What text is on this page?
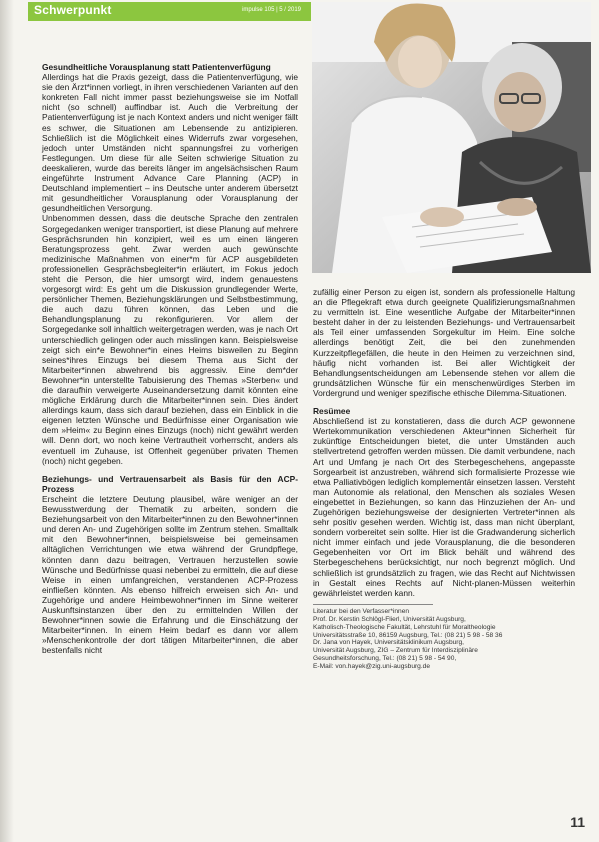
Schwerpunkt	impulse 105 | 5 / 2019
Gesundheitliche Vorausplanung statt Patientenverfügung

Allerdings hat die Praxis gezeigt, dass die Patientenverfügung, wie sie den Ärzt*innen vorliegt, in ihren verschiedenen Varianten auf den konkreten Fall nicht immer passt beziehungsweise sie im Notfall nicht (so schnell) auffindbar ist. Auch die Verbreitung der Patientenverfügung ist je nach Kontext anders und nicht weniger fällt es schwer, die Situationen am Lebensende zu antizipieren. Schließlich ist die Möglichkeit eines Widerrufs zwar vorgesehen, jedoch unter Umständen nicht spannungsfrei zu vorherigen Festlegungen. Um diese für alle Seiten schwierige Situation zu deeskalieren, wurde das bereits länger im angelsächsischen Raum eingeführte Instrument Advance Care Planning (ACP) in Deutschland implementiert – ins Deutsche unter anderem übersetzt mit gesundheitlicher Vorausplanung oder Vorausplanung der gesundheitlichen Versorgung.

Unbenommen dessen, dass die deutsche Sprache den zentralen Sorgegedanken weniger transportiert, ist diese Planung auf mehrere Gesprächsrunden hin konzipiert, weil es um einen längeren Beratungsprozess geht. Zwar werden auch gewünschte medizinische Maßnahmen von einer*m für ACP ausgebildeten professionellen Gesprächsbegleiter*in erläutert, im Fokus jedoch steht die Person, die hier umsorgt wird, indem genauestens vorgesorgt wird: Es geht um die Diskussion grundlegender Werte, persönlicher Themen, Beziehungsklärungen und Selbstbestimmung, die auch dazu führen können, das Leben und die Behandlungsplanung zu rekonfigurieren. Vor allem der Sorgegedanke soll inhaltlich weitergetragen werden, was je nach Ort unterschiedlich gelingen oder auch misslingen kann. Beispielsweise zeigt sich ein*e Bewohner*in eines Heims bisweilen zu Beginn seines*ihres Einzugs bei diesem Thema aus Sicht der Mitarbeiter*innen abwehrend bis aggressiv. Eine dem*der Bewohner*in unterstellte Tabuisierung des Themas »Sterben« und die daraufhin verweigerte Auseinandersetzung damit könnten eine mögliche Erklärung durch die Mitarbeiter*innen sein. Dies ändert allerdings kaum, dass sich darauf beziehen, dass ein Einblick in die eigenen letzten Wünsche und Bedürfnisse einer Organisation wie dem »Heim« zu Beginn eines Einzugs (noch) nicht gewährt werden will. Denn dort, wo noch keine Vertrautheit vorherrscht, anders als eventuell im Zuhause, ist Offenheit gegenüber privaten Themen (noch) nicht gegeben.

Beziehungs- und Vertrauensarbeit als Basis für den ACP-Prozess

Erscheint die letztere Deutung plausibel, wäre weniger an der Bewusstwerdung der Thematik zu arbeiten, sondern die Beziehungsarbeit von den Mitarbeiter*innen zu den Bewohner*innen und deren An- und Zugehörigen sollte im Zentrum stehen. Smalltalk mit den Bewohner*innen, beispielsweise bei gemeinsamen alltäglichen Verrichtungen wie etwa während der Grundpflege, könnten dann dazu beitragen, Vertrauen herzustellen sowie Wünsche und Bedürfnisse quasi nebenbei zu ermitteln, die auf diese Weise in einen umfangreichen, verstandenen ACP-Prozess einfließen könnten. Als ebenso hilfreich erweisen sich An- und Zugehörige und andere Heimbewohner*innen im Sinne weiterer Auskunftsinstanzen über den zu ermittelnden Willen der Bewohner*innen sowie die Erfahrung und die Einschätzung der Mitarbeiter*innen. In einem Heim bedarf es dann vor allem »Menschenkontrolle der dort tätigen Mitarbeiter*innen, die aber bestenfalls nicht

zufällig einer Person zu eigen ist, sondern als professionelle Haltung an die Pflegekraft etwa durch geeignete Qualifizierungsmaßnahmen zu vermitteln ist. Eine wesentliche Aufgabe der Mitarbeiter*innen besteht daher in der zu leistenden Beziehungs- und Vertrauensarbeit als Teil einer umfassenden Sorgekultur im Heim. Eine solche allerdings benötigt Zeit, die bei den zunehmenden Kurzzeitpflegefällen, die heute in den Heimen zu verzeichnen sind, häufig nicht vorhanden ist. Bei aller Wichtigkeit der Behandlungsentscheidungen am Lebensende stehen vor allem die grundsätzlichen Wünsche für ein menschenwürdiges Sterben im Vordergrund und weniger spezifische ethische Dilemma-Situationen.

Resümee

Abschließend ist zu konstatieren, dass die durch ACP gewonnene Wertekommunikation verschiedenen Akteur*innen Sicherheit für zukünftige Entscheidungen bietet, die unter Umständen auch stellvertretend getroffen werden müssen. Die damit verbundene, nach Art und Umfang je nach Ort des Sterbegeschehens, angepasste Sorgearbeit ist anzustreben, während sich formalisierte Prozesse wie etwa Palliativbögen lediglich komplementär einsetzen lassen. Versteht man Autonomie als relational, den Menschen als soziales Wesen eingebettet in Beziehungen, so kann das Hinzuziehen der An- und Zugehörigen beziehungsweise der designierten Vertreter*innen als sehr positiv gesehen werden. Wichtig ist, dass man nicht überplant, sondern vorbereitet sein sollte. Hier ist die Gradwanderung sicherlich nicht immer einfach und jede Vorausplanung, die die besonderen Gegebenheiten vor Ort im Blick behält und während des Sterbegeschehens berücksichtigt, nur noch begrenzt möglich. Und schließlich ist grundsätzlich zu fragen, wie das Recht auf Nichtwissen in Gestalt eines Rechts auf Nicht-planen-Müssen weiterhin gewährleistet werden kann.

Literatur bei den Verfasser*innen
Prof. Dr. Kerstin Schlögl-Flierl, Universität Augsburg,
Katholisch-Theologische Fakultät, Lehrstuhl für Moraltheologie
Universitätsstraße 10, 86159 Augsburg, Tel.: (08 21) 5 98 - 58 36
Dr. Jana von Hayek, Universitätsklinikum Augsburg,
Universität Augsburg, ZIG – Zentrum für Interdisziplinäre
Gesundheitsforschung, Tel.: (08 21) 5 98 - 54 90,
E-Mail: von.hayek@zig.uni-augsburg.de
11
